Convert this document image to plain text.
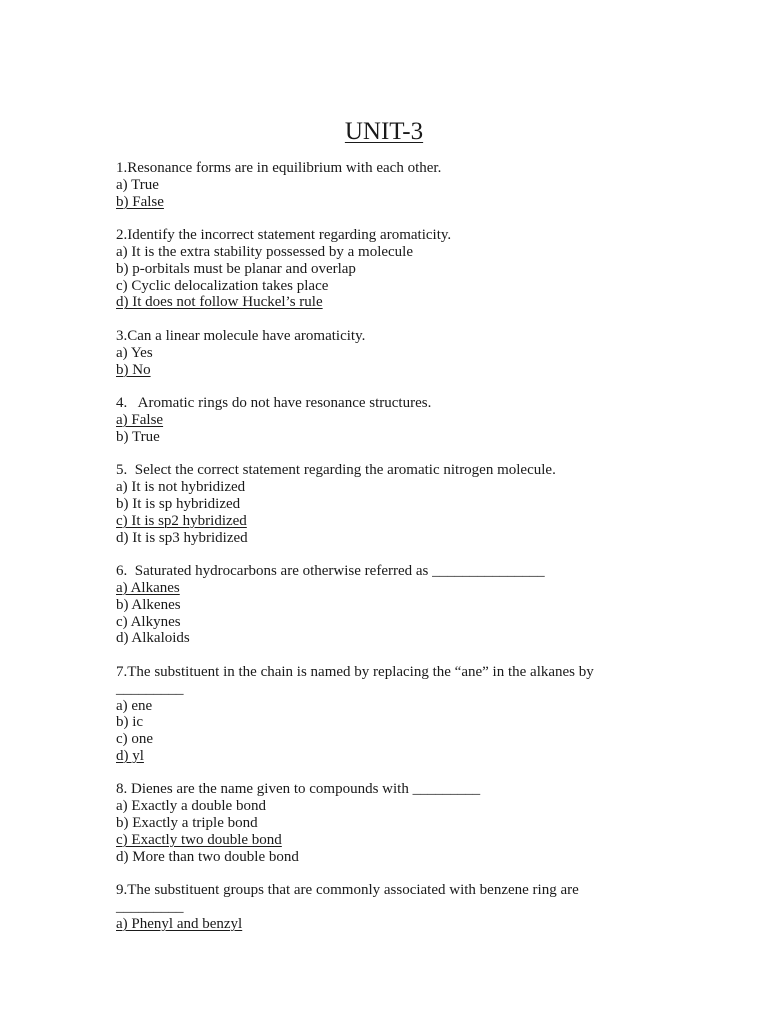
UNIT-3
1.Resonance forms are in equilibrium with each other.
a) True
b) False
2.Identify the incorrect statement regarding aromaticity.
a) It is the extra stability possessed by a molecule
b) p-orbitals must be planar and overlap
c) Cyclic delocalization takes place
d) It does not follow Huckel’s rule
3.Can a linear molecule have aromaticity.
a) Yes
b) No
4.   Aromatic rings do not have resonance structures.
a) False
b) True
5.  Select the correct statement regarding the aromatic nitrogen molecule.
a) It is not hybridized
b) It is sp hybridized
c) It is sp2 hybridized
d) It is sp3 hybridized
6.  Saturated hydrocarbons are otherwise referred as _______________
a) Alkanes
b) Alkenes
c) Alkynes
d) Alkaloids
7.The substituent in the chain is named by replacing the “ane” in the alkanes by
_________
a) ene
b) ic
c) one
d) yl
8. Dienes are the name given to compounds with _________
a) Exactly a double bond
b) Exactly a triple bond
c) Exactly two double bond
d) More than two double bond
9.The substituent groups that are commonly associated with benzene ring are
_________
a) Phenyl and benzyl
